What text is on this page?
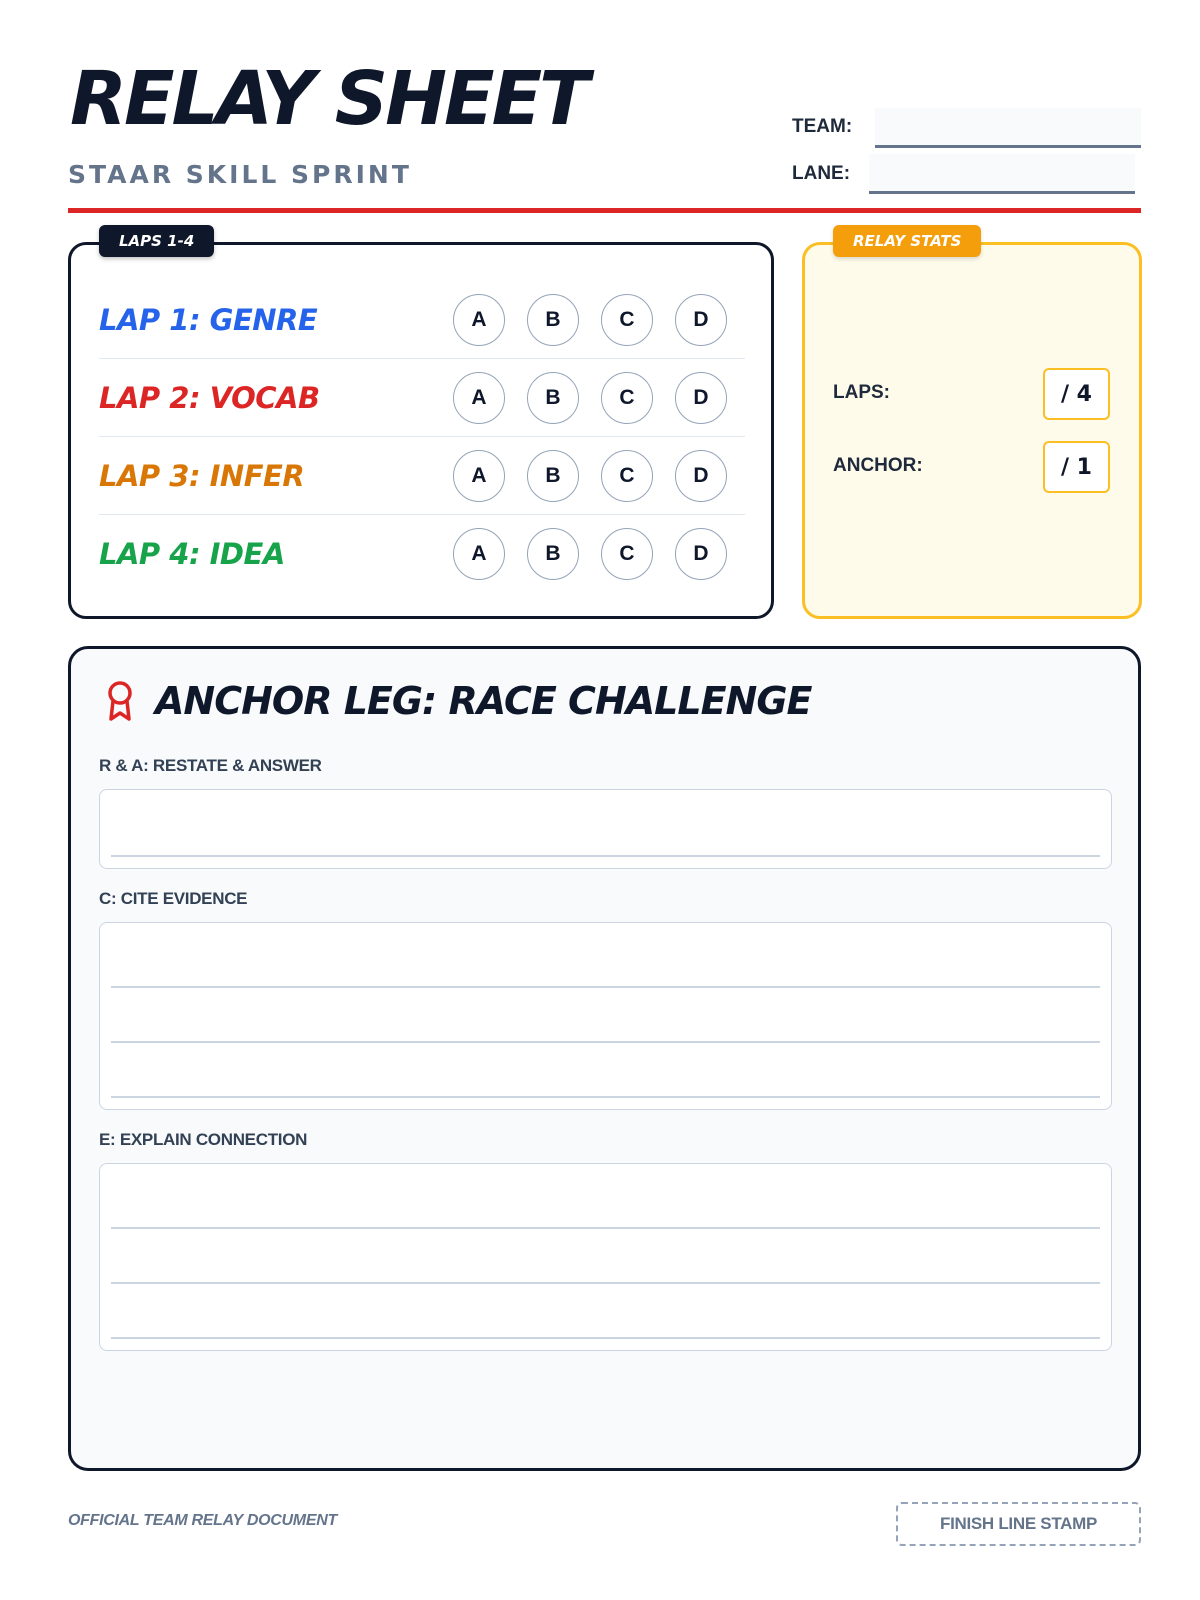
RELAY SHEET
STAAR SKILL SPRINT
TEAM:
LANE:
LAPS 1-4
LAP 1: GENRE	A	B	C	D
LAP 2: VOCAB	A	B	C	D
LAP 3: INFER	A	B	C	D
LAP 4: IDEA	A	B	C	D
RELAY STATS
LAPS:	/ 4
ANCHOR:	/ 1
ANCHOR LEG: RACE CHALLENGE
R & A: RESTATE & ANSWER
C: CITE EVIDENCE
E: EXPLAIN CONNECTION
OFFICIAL TEAM RELAY DOCUMENT	FINISH LINE STAMP
